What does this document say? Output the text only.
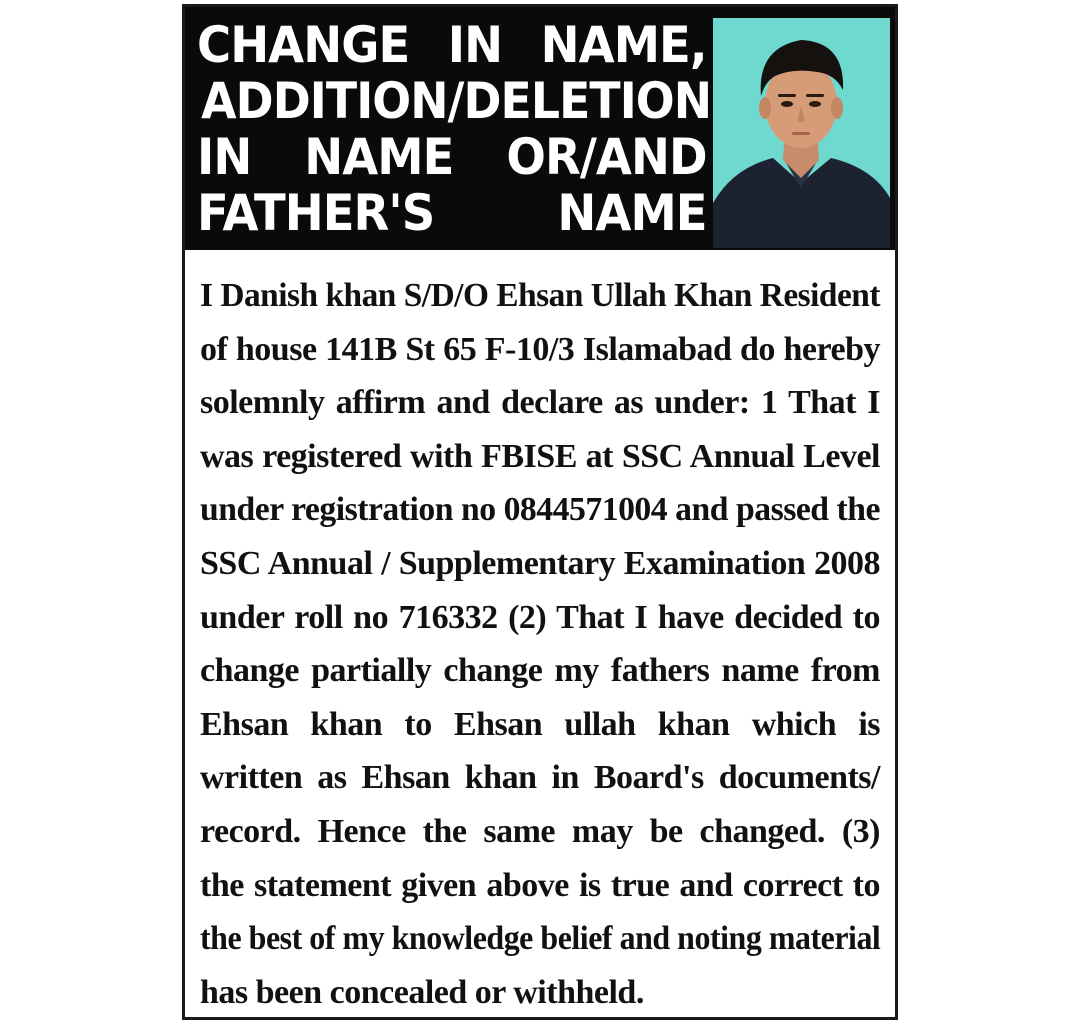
CHANGE IN NAME,
ADDITION/DELETION
IN NAME OR/AND
FATHER'S NAME
I Danish khan S/D/O Ehsan Ullah Khan Resident
of house 141B St 65 F-10/3 Islamabad do hereby
solemnly affirm and declare as under: 1 That I
was registered with FBISE at SSC Annual Level
under registration no 0844571004 and passed the
SSC Annual / Supplementary Examination 2008
under roll no 716332 (2) That I have decided to
change partially change my fathers name from
Ehsan khan to Ehsan ullah khan which is
written as Ehsan khan in Board's documents/
record. Hence the same may be changed. (3)
the statement given above is true and correct to
the best of my knowledge belief and noting material
has been concealed or withheld.
